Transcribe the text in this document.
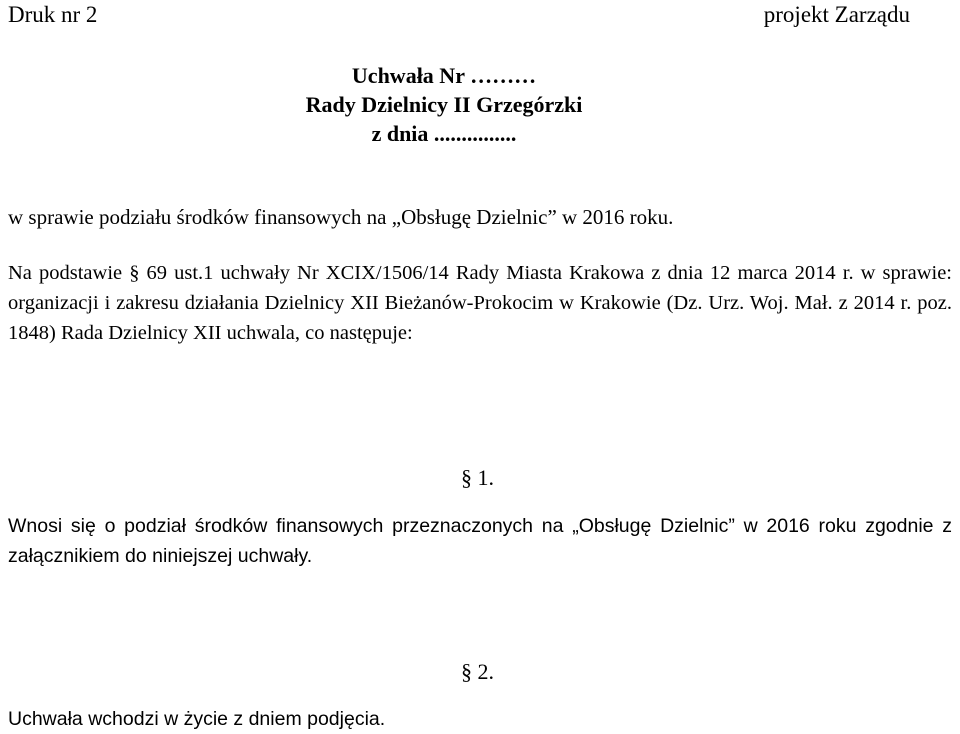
Druk nr 2	projekt Zarządu
Uchwała Nr ………
Rady Dzielnicy II Grzegórzki
z dnia ...............
w sprawie podziału środków finansowych na „Obsługę Dzielnic” w 2016 roku.
Na podstawie § 69 ust.1 uchwały Nr XCIX/1506/14 Rady Miasta Krakowa z dnia 12 marca 2014 r. w sprawie: organizacji i zakresu działania Dzielnicy XII Bieżanów-Prokocim w Krakowie (Dz. Urz. Woj. Mał. z 2014 r. poz. 1848) Rada Dzielnicy XII uchwala, co następuje:
§ 1.
Wnosi się o podział środków finansowych przeznaczonych na „Obsługę Dzielnic” w 2016 roku zgodnie z załącznikiem do niniejszej uchwały.
§ 2.
Uchwała wchodzi w życie z dniem podjęcia.
